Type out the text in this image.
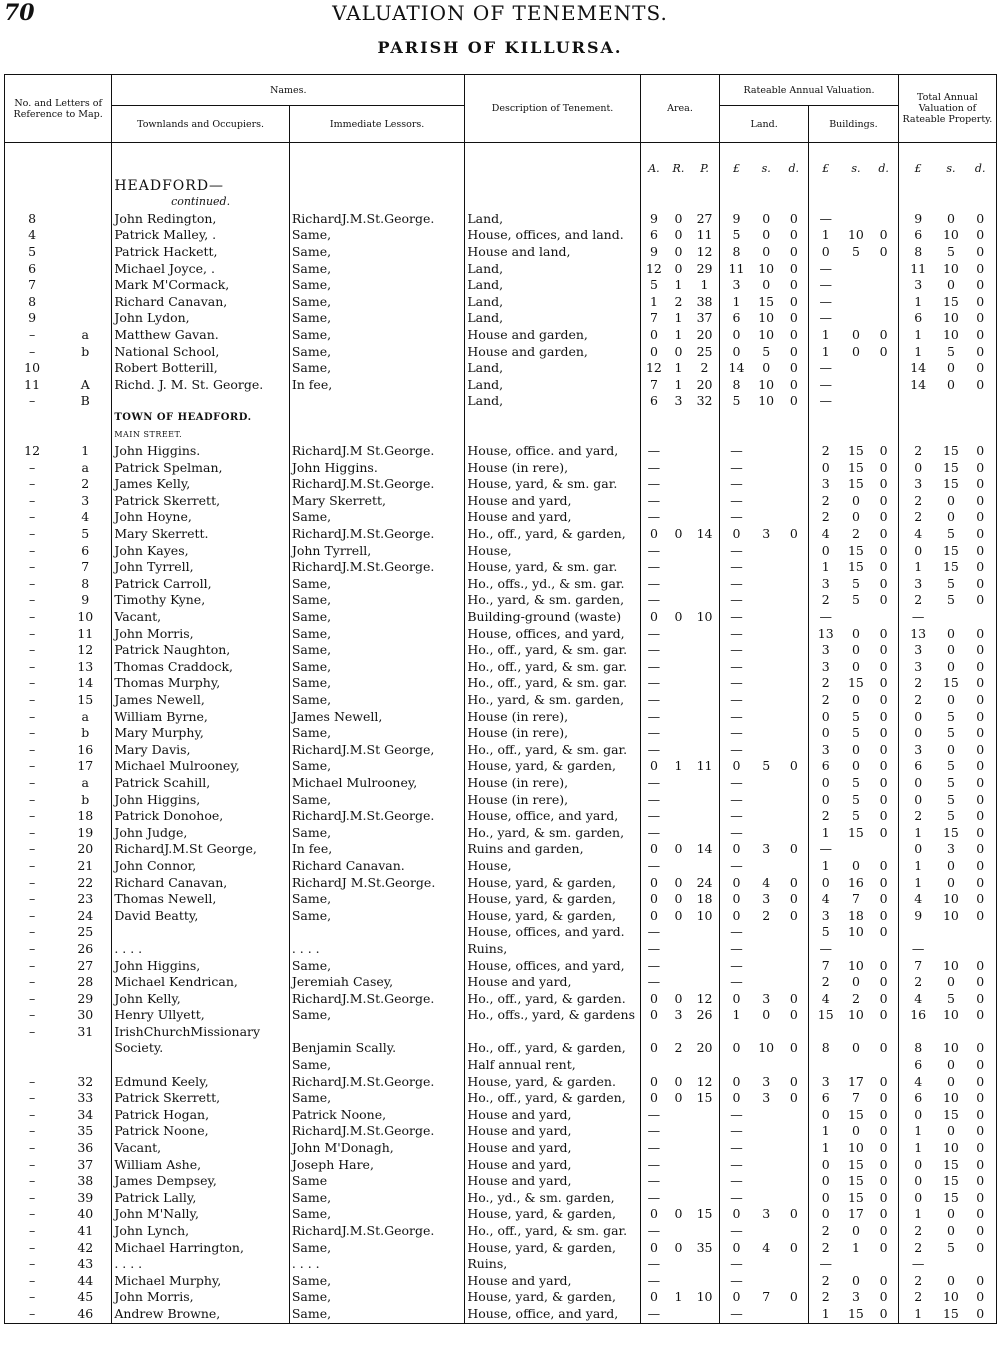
70	VALUATION OF TENEMENTS.
PARISH OF KILLURSA.
No. and Letters of Reference to Map.		Names.		Description of Tenement.	Area.			Rateable Annual Valuation.						Total Annual Valuation of Rateable Property.		
		Townlands and Occupiers.	Immediate Lessors.					Land.			Buildings.					
					A.	R.	P.	£	s.	d.	£	s.	d.	£	s.	d.
		HEADFORD—														
		continued.														
8		John Redington,	RichardJ.M.St.George.	Land,	9	0	27	9	0	0	—			9	0	0
4		Patrick Malley, .	Same,	House, offices, and land.	6	0	11	5	0	0	1	10	0	6	10	0
5		Patrick Hackett,	Same,	House and land,	9	0	12	8	0	0	0	5	0	8	5	0
6		Michael Joyce, .	Same,	Land,	12	0	29	11	10	0	—			11	10	0
7		Mark M'Cormack,	Same,	Land,	5	1	1	3	0	0	—			3	0	0
8		Richard Canavan,	Same,	Land,	1	2	38	1	15	0	—			1	15	0
9		John Lydon,	Same,	Land,	7	1	37	6	10	0	—			6	10	0
–	a	Matthew Gavan.	Same,	House and garden,	0	1	20	0	10	0	1	0	0	1	10	0
–	b	National School,	Same,	House and garden,	0	0	25	0	5	0	1	0	0	1	5	0
10		Robert Botterill,	Same,	Land,	12	1	2	14	0	0	—			14	0	0
11	A	Richd. J. M. St. George.	In fee,	Land,	7	1	20	8	10	0	—			14	0	0
–	B			Land,	6	3	32	5	10	0	—					
		TOWN OF HEADFORD.														
		MAIN STREET.														
12	1	John Higgins.	RichardJ.M St.George.	House, office. and yard,	—			—			2	15	0	2	15	0
–	a	Patrick Spelman,	John Higgins.	House (in rere),	—			—			0	15	0	0	15	0
–	2	James Kelly,	RichardJ.M.St.George.	House, yard, & sm. gar.	—			—			3	15	0	3	15	0
–	3	Patrick Skerrett,	Mary Skerrett,	House and yard,	—			—			2	0	0	2	0	0
–	4	John Hoyne,	Same,	House and yard,	—			—			2	0	0	2	0	0
–	5	Mary Skerrett.	RichardJ.M.St.George.	Ho., off., yard, & garden,	0	0	14	0	3	0	4	2	0	4	5	0
–	6	John Kayes,	John Tyrrell,	House,	—			—			0	15	0	0	15	0
–	7	John Tyrrell,	RichardJ.M.St.George.	House, yard, & sm. gar.	—			—			1	15	0	1	15	0
–	8	Patrick Carroll,	Same,	Ho., offs., yd., & sm. gar.	—			—			3	5	0	3	5	0
–	9	Timothy Kyne,	Same,	Ho., yard, & sm. garden,	—			—			2	5	0	2	5	0
–	10	Vacant,	Same,	Building-ground (waste)	0	0	10	—			—			—		
–	11	John Morris,	Same,	House, offices, and yard,	—			—			13	0	0	13	0	0
–	12	Patrick Naughton,	Same,	Ho., off., yard, & sm. gar.	—			—			3	0	0	3	0	0
–	13	Thomas Craddock,	Same,	Ho., off., yard, & sm. gar.	—			—			3	0	0	3	0	0
–	14	Thomas Murphy,	Same,	Ho., off., yard, & sm. gar.	—			—			2	15	0	2	15	0
–	15	James Newell,	Same,	Ho., yard, & sm. garden,	—			—			2	0	0	2	0	0
–	a	William Byrne,	James Newell,	House (in rere),	—			—			0	5	0	0	5	0
–	b	Mary Murphy,	Same,	House (in rere),	—			—			0	5	0	0	5	0
–	16	Mary Davis,	RichardJ.M.St George,	Ho., off., yard, & sm. gar.	—			—			3	0	0	3	0	0
–	17	Michael Mulrooney,	Same,	House, yard, & garden,	0	1	11	0	5	0	6	0	0	6	5	0
–	a	Patrick Scahill,	Michael Mulrooney,	House (in rere),	—			—			0	5	0	0	5	0
–	b	John Higgins,	Same,	House (in rere),	—			—			0	5	0	0	5	0
–	18	Patrick Donohoe,	RichardJ.M.St.George.	House, office, and yard,	—			—			2	5	0	2	5	0
–	19	John Judge,	Same,	Ho., yard, & sm. garden,	—			—			1	15	0	1	15	0
–	20	RichardJ.M.St George,	In fee,	Ruins and garden,	0	0	14	0	3	0	—			0	3	0
–	21	John Connor,	Richard Canavan.	House,	—			—			1	0	0	1	0	0
–	22	Richard Canavan,	RichardJ M.St.George.	House, yard, & garden,	0	0	24	0	4	0	0	16	0	1	0	0
–	23	Thomas Newell,	Same,	House, yard, & garden,	0	0	18	0	3	0	4	7	0	4	10	0
–	24	David Beatty,	Same,	House, yard, & garden,	0	0	10	0	2	0	3	18	0	9	10	0
–	25			House, offices, and yard.	—			—			5	10	0			
–	26	. . . .	. . . .	Ruins,	—			—			—			—		
–	27	John Higgins,	Same,	House, offices, and yard,	—			—			7	10	0	7	10	0
–	28	Michael Kendrican,	Jeremiah Casey,	House and yard,	—			—			2	0	0	2	0	0
–	29	John Kelly,	RichardJ.M.St.George.	Ho., off., yard, & garden.	0	0	12	0	3	0	4	2	0	4	5	0
–	30	Henry Ullyett,	Same,	Ho., offs., yard, & gardens	0	3	26	1	0	0	15	10	0	16	10	0
–	31	IrishChurchMissionary														
		Society.	Benjamin Scally.	Ho., off., yard, & garden,	0	2	20	0	10	0	8	0	0	8	10	0
			Same,	Half annual rent,										6	0	0
–	32	Edmund Keely,	RichardJ.M.St.George.	House, yard, & garden.	0	0	12	0	3	0	3	17	0	4	0	0
–	33	Patrick Skerrett,	Same,	Ho., off., yard, & garden,	0	0	15	0	3	0	6	7	0	6	10	0
–	34	Patrick Hogan,	Patrick Noone,	House and yard,	—			—			0	15	0	0	15	0
–	35	Patrick Noone,	RichardJ.M.St.George.	House and yard,	—			—			1	0	0	1	0	0
–	36	Vacant,	John M'Donagh,	House and yard,	—			—			1	10	0	1	10	0
–	37	William Ashe,	Joseph Hare,	House and yard,	—			—			0	15	0	0	15	0
–	38	James Dempsey,	Same	House and yard,	—			—			0	15	0	0	15	0
–	39	Patrick Lally,	Same,	Ho., yd., & sm. garden,	—			—			0	15	0	0	15	0
–	40	John M'Nally,	Same,	House, yard, & garden,	0	0	15	0	3	0	0	17	0	1	0	0
–	41	John Lynch,	RichardJ.M.St.George.	Ho., off., yard, & sm. gar.	—			—			2	0	0	2	0	0
–	42	Michael Harrington,	Same,	House, yard, & garden,	0	0	35	0	4	0	2	1	0	2	5	0
–	43	. . . .	. . . .	Ruins,	—			—			—			—		
–	44	Michael Murphy,	Same,	House and yard,	—			—			2	0	0	2	0	0
–	45	John Morris,	Same,	House, yard, & garden,	0	1	10	0	7	0	2	3	0	2	10	0
–	46	Andrew Browne,	Same,	House, office, and yard,	—			—			1	15	0	1	15	0
